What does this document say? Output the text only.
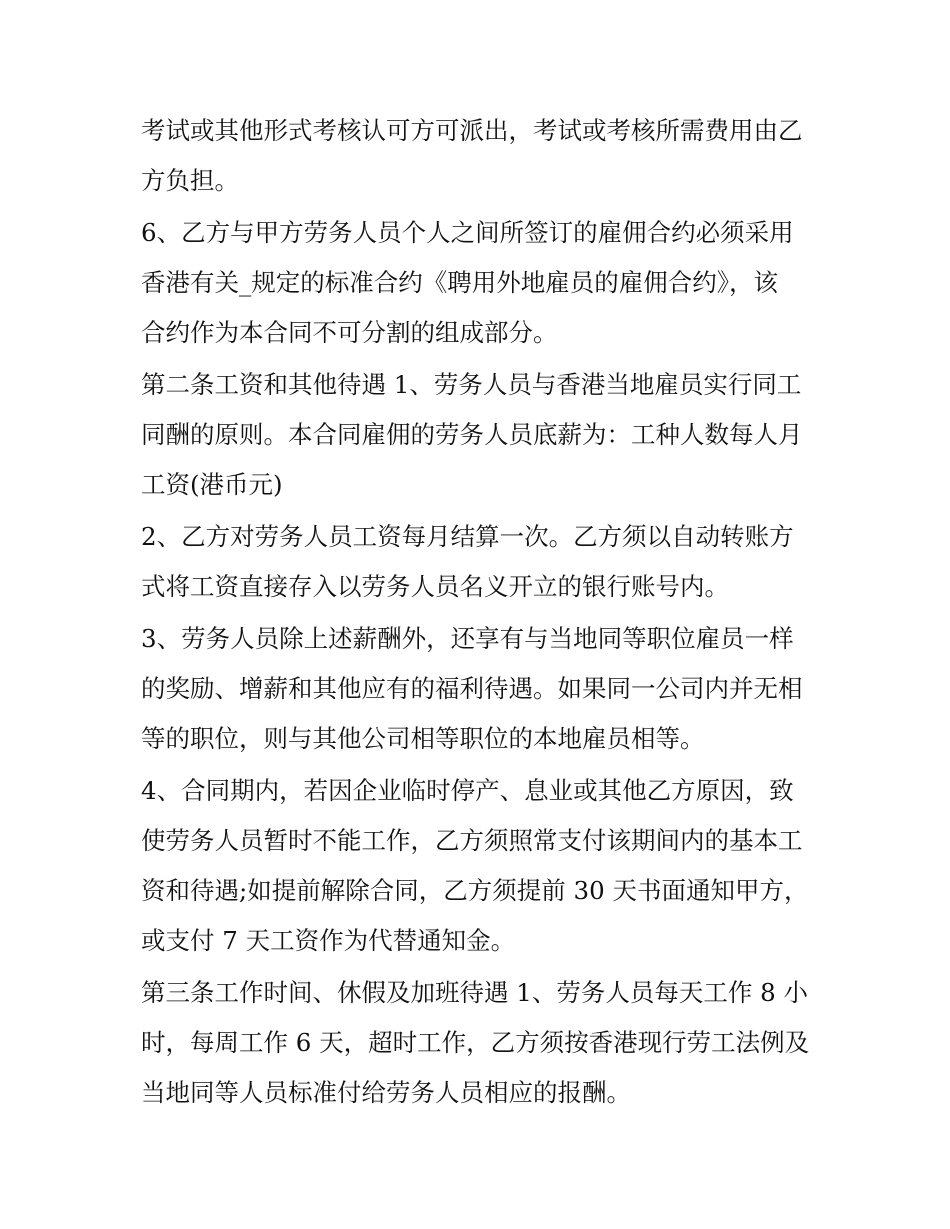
考试或其他形式考核认可方可派出，考试或考核所需费用由乙
方负担。
6、乙方与甲方劳务人员个人之间所签订的雇佣合约必须采用
香港有关_规定的标准合约《聘用外地雇员的雇佣合约》，该
合约作为本合同不可分割的组成部分。
第二条工资和其他待遇 1、劳务人员与香港当地雇员实行同工
同酬的原则。本合同雇佣的劳务人员底薪为：工种人数每人月
工资(港币元)
2、乙方对劳务人员工资每月结算一次。乙方须以自动转账方
式将工资直接存入以劳务人员名义开立的银行账号内。
3、劳务人员除上述薪酬外，还享有与当地同等职位雇员一样
的奖励、增薪和其他应有的福利待遇。如果同一公司内并无相
等的职位，则与其他公司相等职位的本地雇员相等。
4、合同期内，若因企业临时停产、息业或其他乙方原因，致
使劳务人员暂时不能工作，乙方须照常支付该期间内的基本工
资和待遇;如提前解除合同，乙方须提前 30 天书面通知甲方，
或支付 7 天工资作为代替通知金。
第三条工作时间、休假及加班待遇 1、劳务人员每天工作 8 小
时，每周工作 6 天，超时工作，乙方须按香港现行劳工法例及
当地同等人员标准付给劳务人员相应的报酬。
